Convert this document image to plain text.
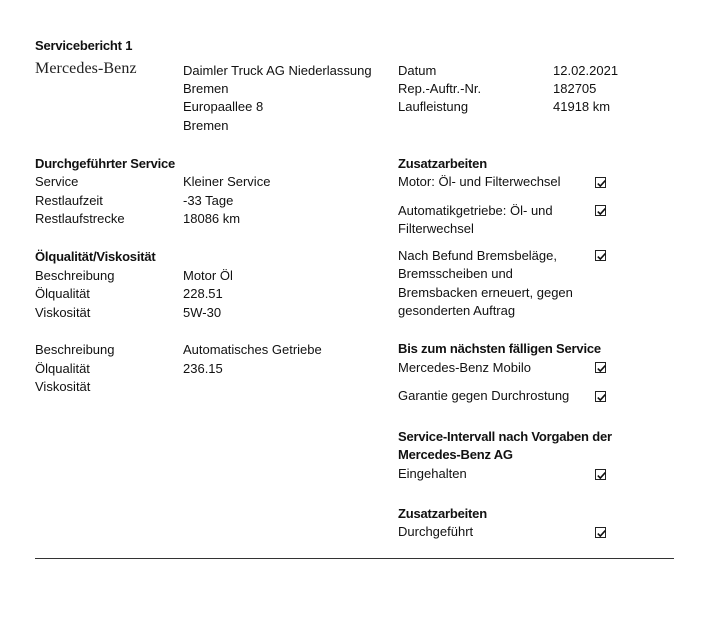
Servicebericht 1
Mercedes-Benz	Daimler Truck AG Niederlassung
Bremen
Europaallee 8
Bremen
Datum	12.02.2021
Rep.-Auftr.-Nr.	182705
Laufleistung	41918 km
Durchgeführter Service
Service	Kleiner Service
Restlaufzeit	-33 Tage
Restlaufstrecke	18086 km
Ölqualität/Viskosität
Beschreibung	Motor Öl
Ölqualität	228.51
Viskosität	5W-30
Beschreibung	Automatisches Getriebe
Ölqualität	236.15
Viskosität
Zusatzarbeiten
Motor: Öl- und Filterwechsel
Automatikgetriebe: Öl- und
Filterwechsel
Nach Befund Bremsbeläge,
Bremsscheiben und
Bremsbacken erneuert, gegen
gesonderten Auftrag
Bis zum nächsten fälligen Service
Mercedes-Benz Mobilo
Garantie gegen Durchrostung
Service-Intervall nach Vorgaben der
Mercedes-Benz AG
Eingehalten
Zusatzarbeiten
Durchgeführt
